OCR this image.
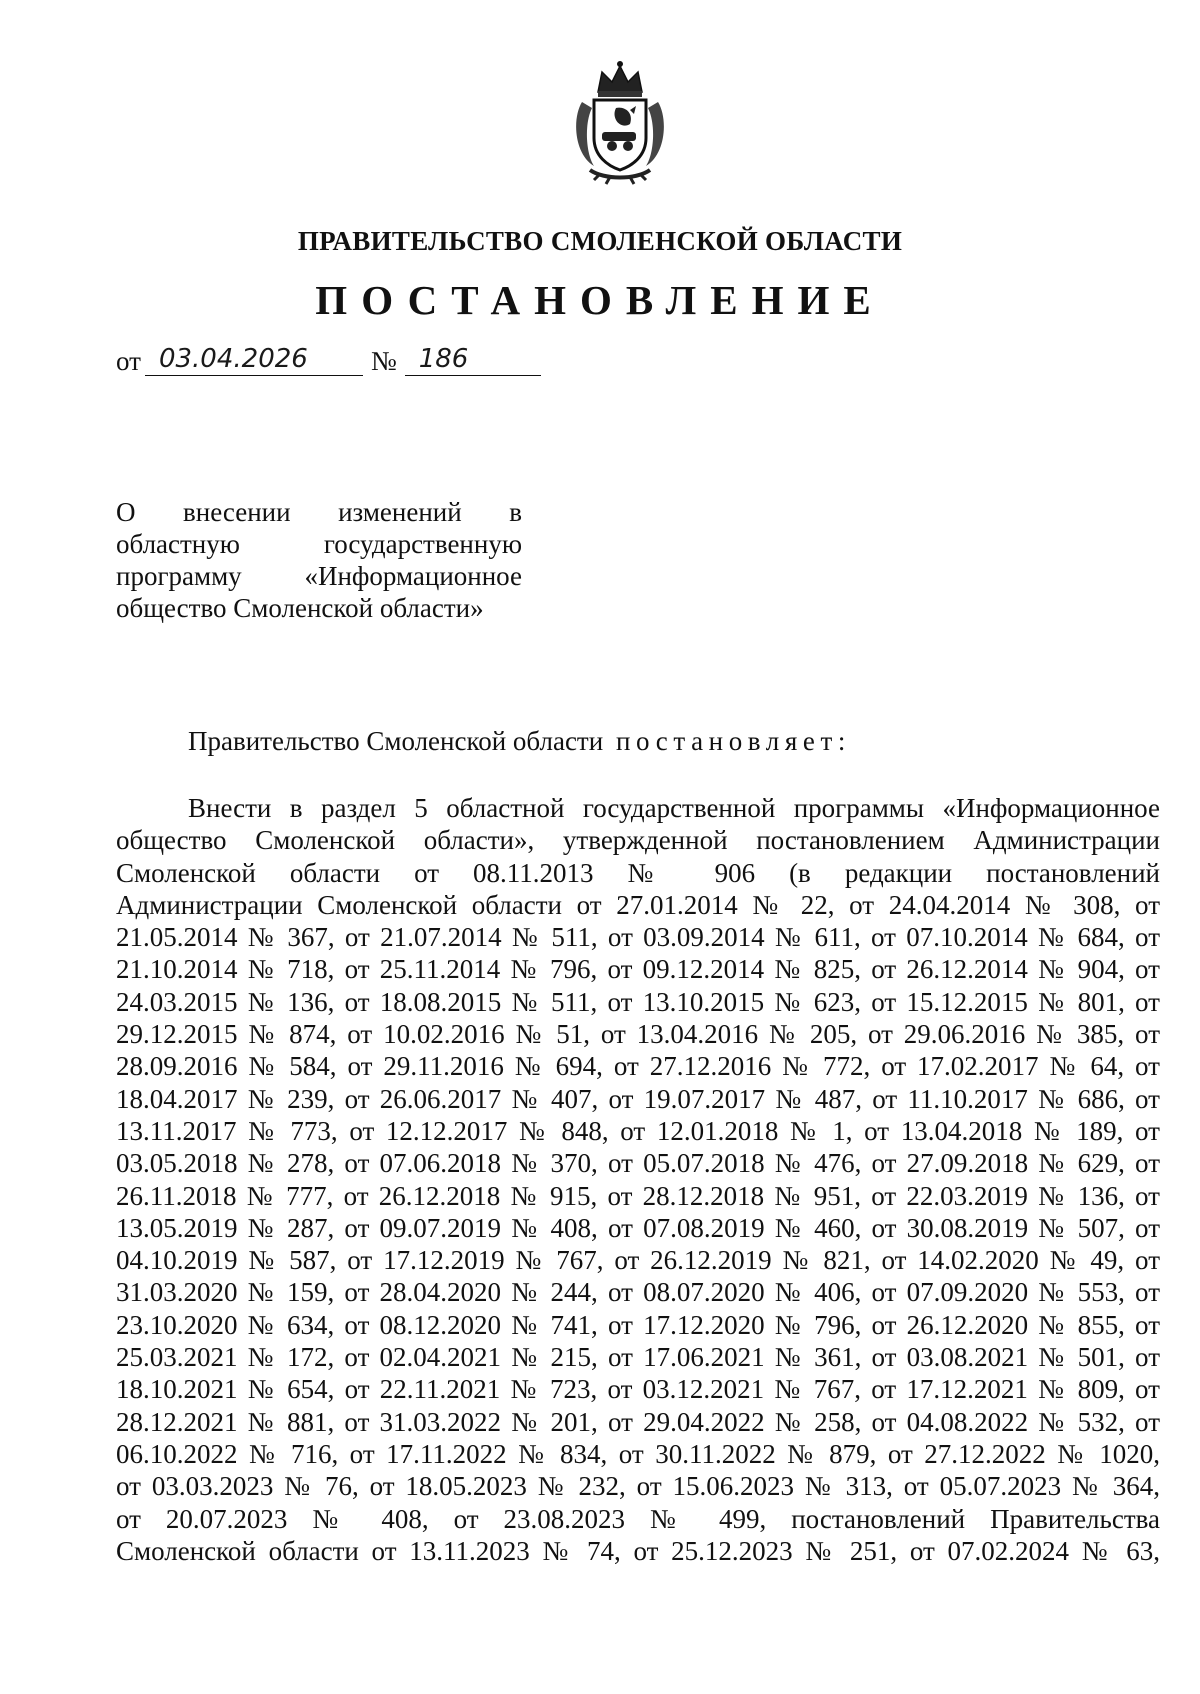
ПРАВИТЕЛЬСТВО СМОЛЕНСКОЙ ОБЛАСТИ
ПОСТАНОВЛЕНИЕ
от 03.04.2026	№ 186
О внесении изменений в
областную государственную
программу «Информационное
общество Смоленской области»
Правительство Смоленской области постановляет:
Внести в раздел 5 областной государственной программы «Информационное
общество Смоленской области», утвержденной постановлением Администрации
Смоленской области от 08.11.2013 № 906 (в редакции постановлений
Администрации Смоленской области от 27.01.2014 № 22, от 24.04.2014 № 308, от
21.05.2014 № 367, от 21.07.2014 № 511, от 03.09.2014 № 611, от 07.10.2014 № 684, от
21.10.2014 № 718, от 25.11.2014 № 796, от 09.12.2014 № 825, от 26.12.2014 № 904, от
24.03.2015 № 136, от 18.08.2015 № 511, от 13.10.2015 № 623, от 15.12.2015 № 801, от
29.12.2015 № 874, от 10.02.2016 № 51, от 13.04.2016 № 205, от 29.06.2016 № 385, от
28.09.2016 № 584, от 29.11.2016 № 694, от 27.12.2016 № 772, от 17.02.2017 № 64, от
18.04.2017 № 239, от 26.06.2017 № 407, от 19.07.2017 № 487, от 11.10.2017 № 686, от
13.11.2017 № 773, от 12.12.2017 № 848, от 12.01.2018 № 1, от 13.04.2018 № 189, от
03.05.2018 № 278, от 07.06.2018 № 370, от 05.07.2018 № 476, от 27.09.2018 № 629, от
26.11.2018 № 777, от 26.12.2018 № 915, от 28.12.2018 № 951, от 22.03.2019 № 136, от
13.05.2019 № 287, от 09.07.2019 № 408, от 07.08.2019 № 460, от 30.08.2019 № 507, от
04.10.2019 № 587, от 17.12.2019 № 767, от 26.12.2019 № 821, от 14.02.2020 № 49, от
31.03.2020 № 159, от 28.04.2020 № 244, от 08.07.2020 № 406, от 07.09.2020 № 553, от
23.10.2020 № 634, от 08.12.2020 № 741, от 17.12.2020 № 796, от 26.12.2020 № 855, от
25.03.2021 № 172, от 02.04.2021 № 215, от 17.06.2021 № 361, от 03.08.2021 № 501, от
18.10.2021 № 654, от 22.11.2021 № 723, от 03.12.2021 № 767, от 17.12.2021 № 809, от
28.12.2021 № 881, от 31.03.2022 № 201, от 29.04.2022 № 258, от 04.08.2022 № 532, от
06.10.2022 № 716, от 17.11.2022 № 834, от 30.11.2022 № 879, от 27.12.2022 № 1020,
от 03.03.2023 № 76, от 18.05.2023 № 232, от 15.06.2023 № 313, от 05.07.2023 № 364,
от 20.07.2023 № 408, от 23.08.2023 № 499, постановлений Правительства
Смоленской области от 13.11.2023 № 74, от 25.12.2023 № 251, от 07.02.2024 № 63,
